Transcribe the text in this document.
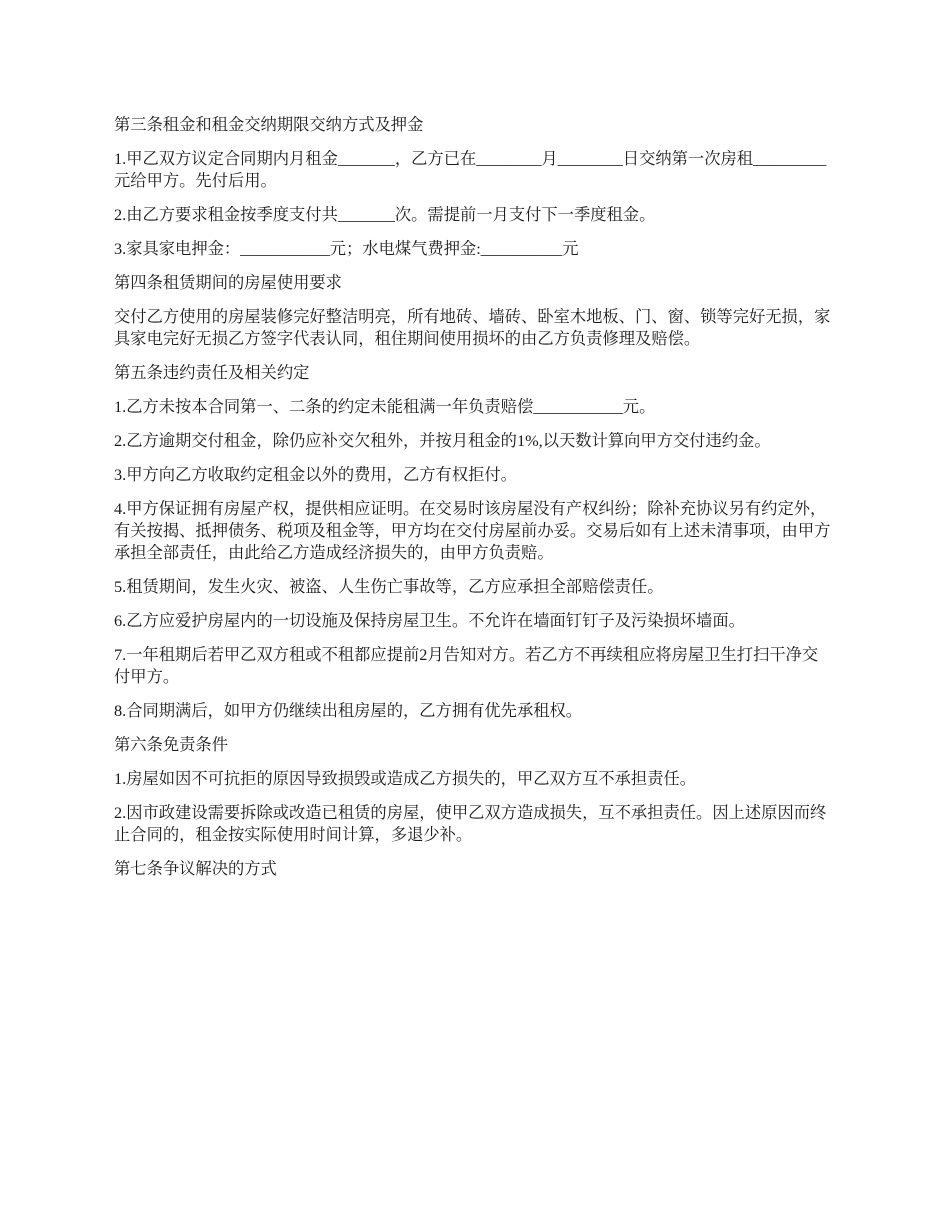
第三条租金和租金交纳期限交纳方式及押金

1.甲乙双方议定合同期内月租金_______，乙方已在________月________日交纳第一次房租_________元给甲方。先付后用。

2.由乙方要求租金按季度支付共_______次。需提前一月支付下一季度租金。

3.家具家电押金：___________元；水电煤气费押金:__________元

第四条租赁期间的房屋使用要求

交付乙方使用的房屋装修完好整洁明亮，所有地砖、墙砖、卧室木地板、门、窗、锁等完好无损，家具家电完好无损乙方签字代表认同，租住期间使用损坏的由乙方负责修理及赔偿。

第五条违约责任及相关约定

1.乙方未按本合同第一、二条的约定未能租满一年负责赔偿___________元。

2.乙方逾期交付租金，除仍应补交欠租外，并按月租金的1%,以天数计算向甲方交付违约金。

3.甲方向乙方收取约定租金以外的费用，乙方有权拒付。

4.甲方保证拥有房屋产权，提供相应证明。在交易时该房屋没有产权纠纷；除补充协议另有约定外，有关按揭、抵押债务、税项及租金等，甲方均在交付房屋前办妥。交易后如有上述未清事项，由甲方承担全部责任，由此给乙方造成经济损失的，由甲方负责赔。

5.租赁期间，发生火灾、被盗、人生伤亡事故等，乙方应承担全部赔偿责任。

6.乙方应爱护房屋内的一切设施及保持房屋卫生。不允许在墙面钉钉子及污染损坏墙面。

7.一年租期后若甲乙双方租或不租都应提前2月告知对方。若乙方不再续租应将房屋卫生打扫干净交付甲方。

8.合同期满后，如甲方仍继续出租房屋的，乙方拥有优先承租权。

第六条免责条件

1.房屋如因不可抗拒的原因导致损毁或造成乙方损失的，甲乙双方互不承担责任。

2.因市政建设需要拆除或改造已租赁的房屋，使甲乙双方造成损失，互不承担责任。因上述原因而终止合同的，租金按实际使用时间计算，多退少补。

第七条争议解决的方式
